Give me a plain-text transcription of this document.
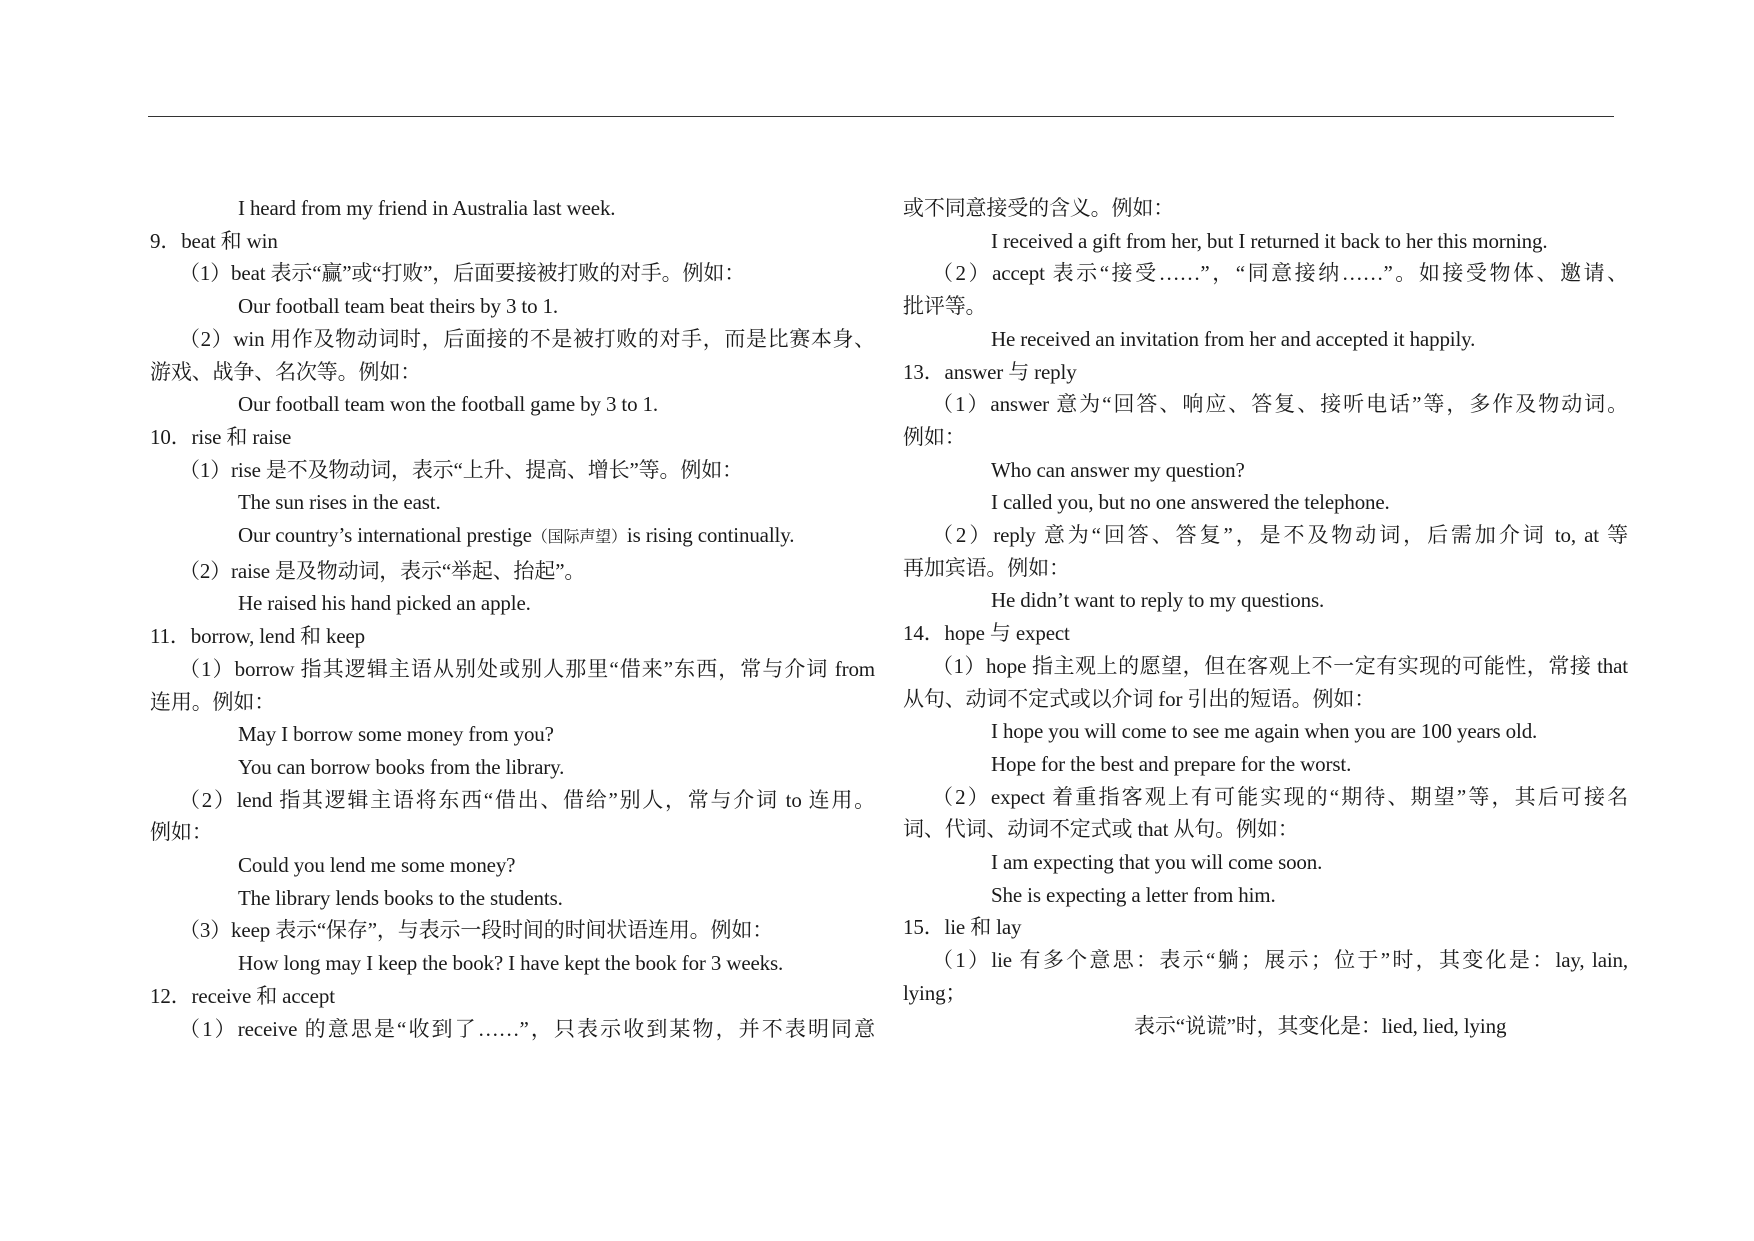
I heard from my friend in Australia last week.
9．beat 和 win
（1）beat 表示“赢”或“打败”，后面要接被打败的对手。例如：
Our football team beat theirs by 3 to 1.
（2）win 用作及物动词时，后面接的不是被打败的对手，而是比赛本身、
游戏、战争、名次等。例如：
Our football team won the football game by 3 to 1.
10．rise 和 raise
（1）rise 是不及物动词，表示“上升、提高、增长”等。例如：
The sun rises in the east.
Our country’s international prestige（国际声望）is rising continually.
（2）raise 是及物动词，表示“举起、抬起”。
He raised his hand picked an apple.
11．borrow, lend 和 keep
（1）borrow 指其逻辑主语从别处或别人那里“借来”东西，常与介词 from
连用。例如：
May I borrow some money from you?
You can borrow books from the library.
（2）lend 指其逻辑主语将东西“借出、借给”别人，常与介词 to 连用。
例如：
Could you lend me some money?
The library lends books to the students.
（3）keep 表示“保存”，与表示一段时间的时间状语连用。例如：
How long may I keep the book? I have kept the book for 3 weeks.
12．receive 和 accept
（1）receive 的意思是“收到了……”，只表示收到某物，并不表明同意
或不同意接受的含义。例如：
I received a gift from her, but I returned it back to her this morning.
（2）accept 表示“接受……”，“同意接纳……”。如接受物体、邀请、
批评等。
He received an invitation from her and accepted it happily.
13．answer 与 reply
（1）answer 意为“回答、响应、答复、接听电话”等，多作及物动词。
例如：
Who can answer my question?
I called you, but no one answered the telephone.
（2）reply 意为“回答、答复”，是不及物动词，后需加介词 to, at 等
再加宾语。例如：
He didn’t want to reply to my questions.
14．hope 与 expect
（1）hope 指主观上的愿望，但在客观上不一定有实现的可能性，常接 that
从句、动词不定式或以介词 for 引出的短语。例如：
I hope you will come to see me again when you are 100 years old.
Hope for the best and prepare for the worst.
（2）expect 着重指客观上有可能实现的“期待、期望”等，其后可接名
词、代词、动词不定式或 that 从句。例如：
I am expecting that you will come soon.
She is expecting a letter from him.
15．lie 和 lay
（1）lie 有多个意思：表示“躺；展示；位于”时，其变化是：lay, lain,
lying；
表示“说谎”时，其变化是：lied, lied, lying
